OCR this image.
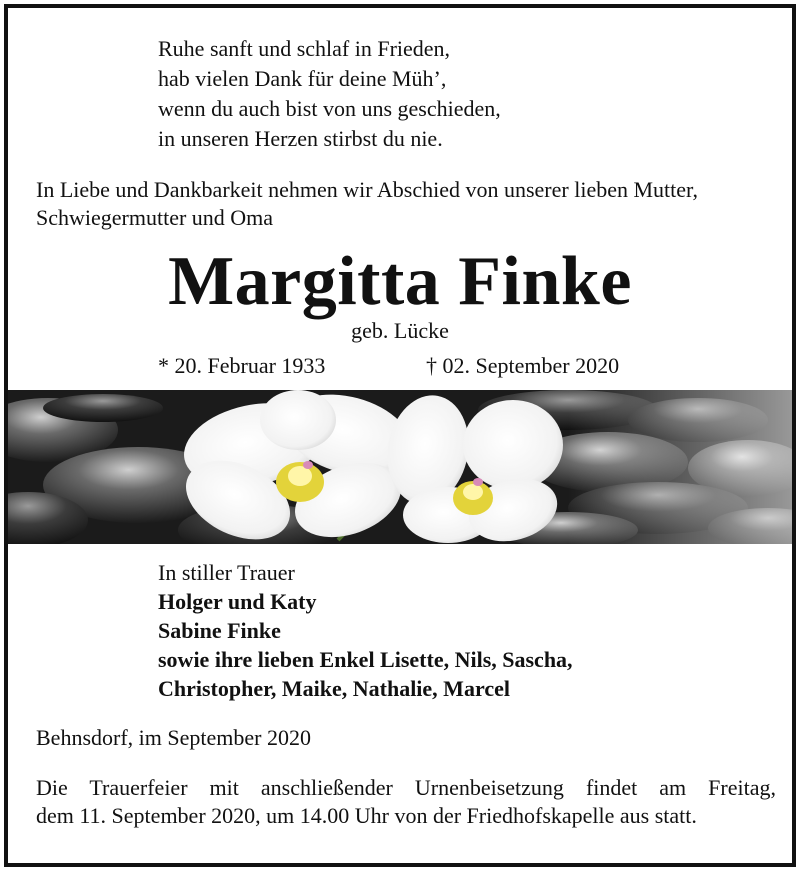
Ruhe sanft und schlaf in Frieden,
hab vielen Dank für deine Müh’,
wenn du auch bist von uns geschieden,
in unseren Herzen stirbst du nie.
In Liebe und Dankbarkeit nehmen wir Abschied von unserer lieben Mutter,
Schwiegermutter und Oma
Margitta Finke
geb. Lücke
* 20. Februar 1933	† 02. September 2020
In stiller Trauer
Holger und Katy
Sabine Finke
sowie ihre lieben Enkel Lisette, Nils, Sascha,
Christopher, Maike, Nathalie, Marcel
Behnsdorf, im September 2020
Die Trauerfeier mit anschließender Urnenbeisetzung findet am Freitag,
dem 11. September 2020, um 14.00 Uhr von der Friedhofskapelle aus statt.
